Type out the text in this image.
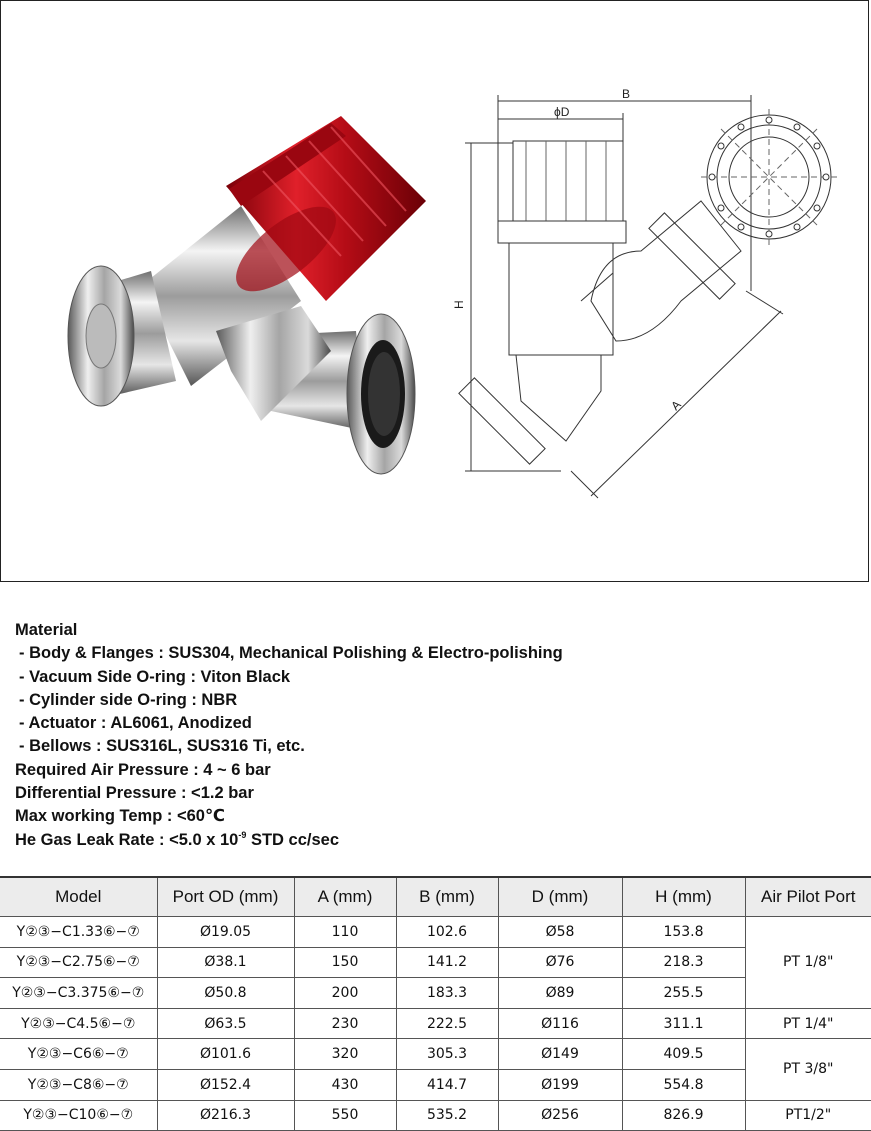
B
ϕD
H
A
Material
- Body & Flanges : SUS304, Mechanical Polishing & Electro-polishing
- Vacuum Side O-ring : Viton Black
- Cylinder side O-ring : NBR
- Actuator : AL6061, Anodized
- Bellows : SUS316L, SUS316 Ti, etc.
Required Air Pressure : 4 ~ 6 bar
Differential Pressure : <1.2 bar
Max working Temp : <60℃
He Gas Leak Rate : <5.0 x $10^{-9}$ STD cc/sec
Model	Port OD (mm)	A (mm)	B (mm)	D (mm)	H (mm)	Air Pilot Port
Y②③−C1.33⑥−⑦	Ø19.05	110	102.6	Ø58	153.8	PT 1/8"
Y②③−C2.75⑥−⑦	Ø38.1	150	141.2	Ø76	218.3	
Y②③−C3.375⑥−⑦	Ø50.8	200	183.3	Ø89	255.5	
Y②③−C4.5⑥−⑦	Ø63.5	230	222.5	Ø116	311.1	PT 1/4"
Y②③−C6⑥−⑦	Ø101.6	320	305.3	Ø149	409.5	PT 3/8"
Y②③−C8⑥−⑦	Ø152.4	430	414.7	Ø199	554.8	
Y②③−C10⑥−⑦	Ø216.3	550	535.2	Ø256	826.9	PT1/2"
